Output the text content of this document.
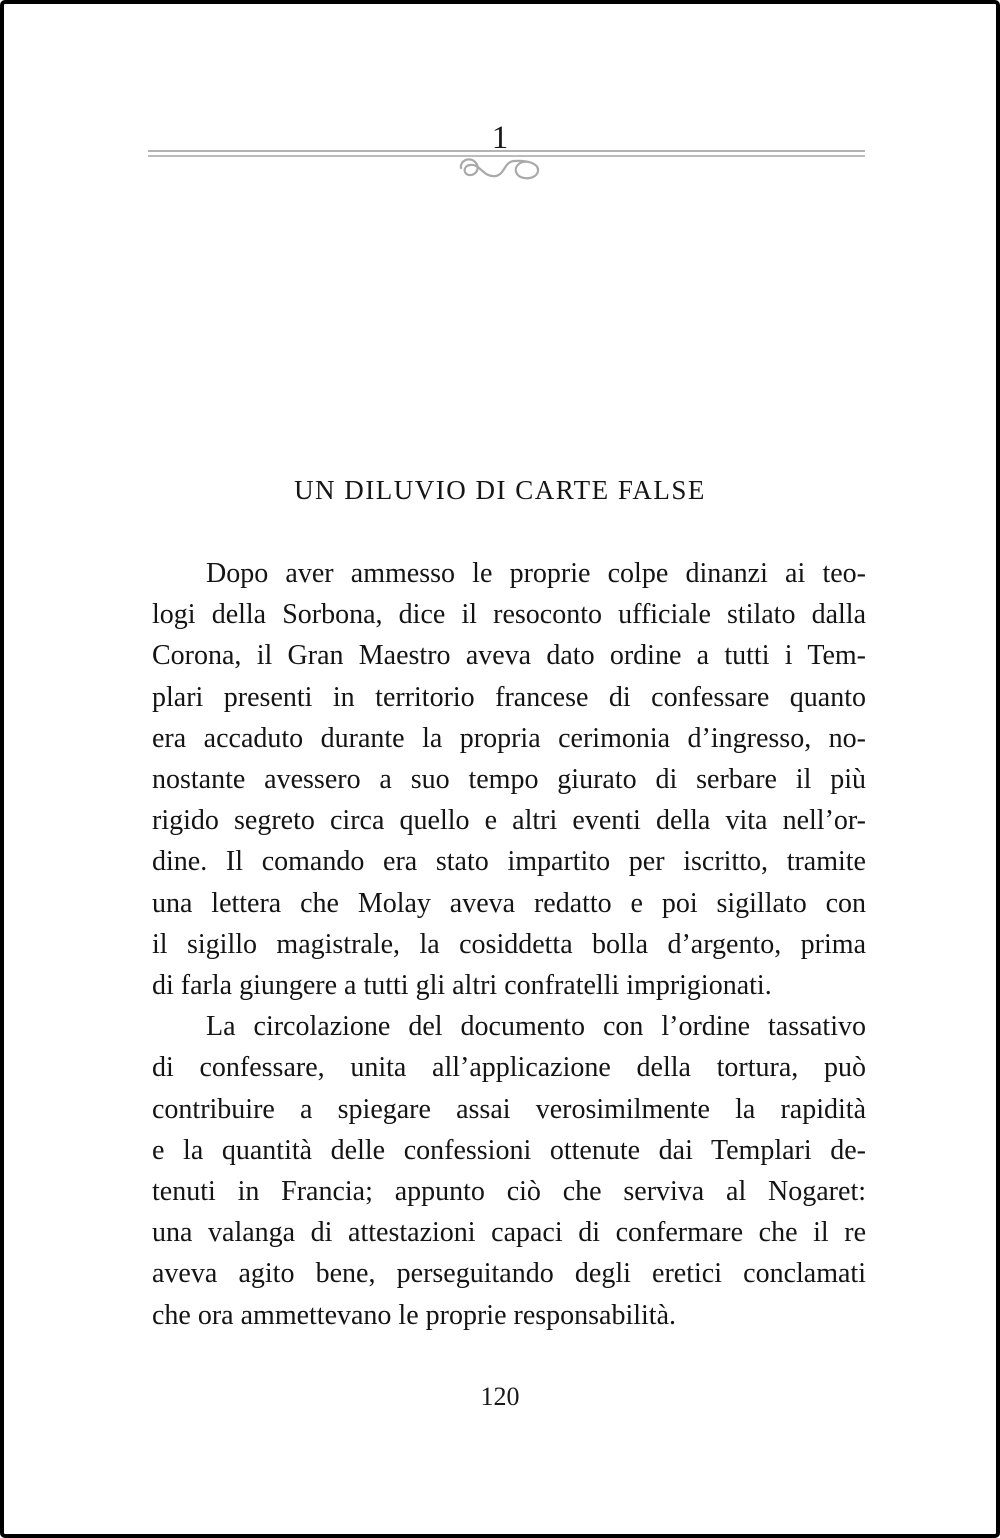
1
UN DILUVIO DI CARTE FALSE
Dopo aver ammesso le proprie colpe dinanzi ai teo-
logi della Sorbona, dice il resoconto ufficiale stilato dalla
Corona, il Gran Maestro aveva dato ordine a tutti i Tem-
plari presenti in territorio francese di confessare quanto
era accaduto durante la propria cerimonia d’ingresso, no-
nostante avessero a suo tempo giurato di serbare il più
rigido segreto circa quello e altri eventi della vita nell’or-
dine. Il comando era stato impartito per iscritto, tramite
una lettera che Molay aveva redatto e poi sigillato con
il sigillo magistrale, la cosiddetta bolla d’argento, prima
di farla giungere a tutti gli altri confratelli imprigionati.
La circolazione del documento con l’ordine tassativo
di confessare, unita all’applicazione della tortura, può
contribuire a spiegare assai verosimilmente la rapidità
e la quantità delle confessioni ottenute dai Templari de-
tenuti in Francia; appunto ciò che serviva al Nogaret:
una valanga di attestazioni capaci di confermare che il re
aveva agito bene, perseguitando degli eretici conclamati
che ora ammettevano le proprie responsabilità.
120
